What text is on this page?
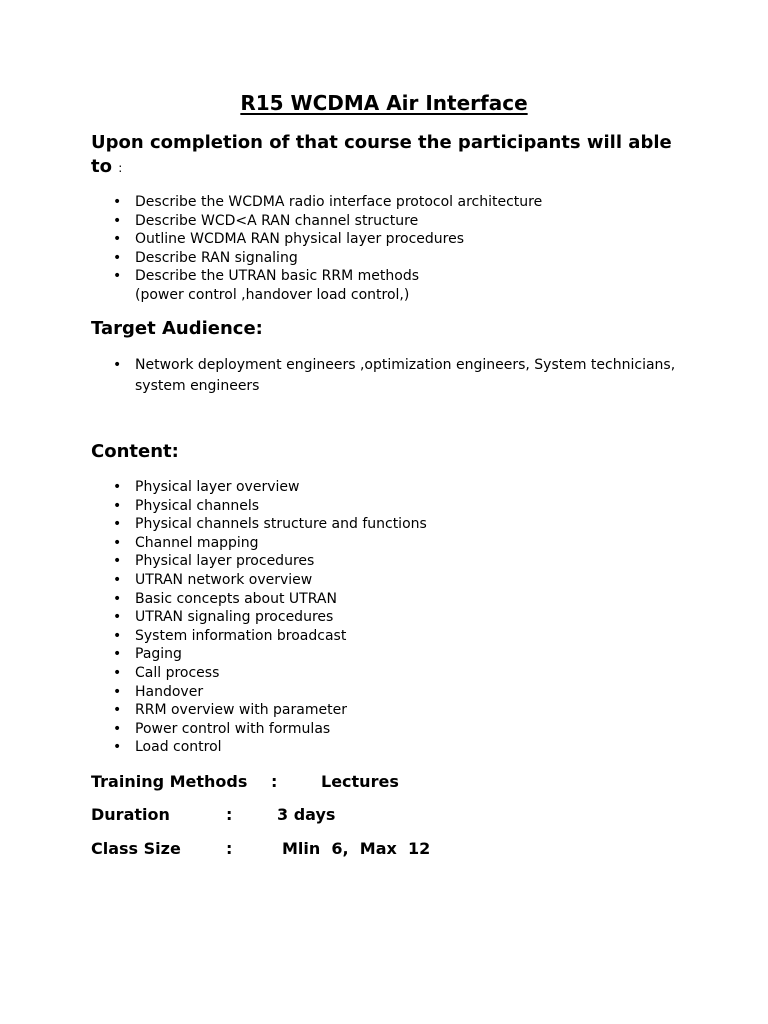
R15 WCDMA Air Interface

Upon completion of that course the participants will able to :

• Describe the WCDMA radio interface protocol architecture
• Describe WCD<A RAN channel structure
• Outline WCDMA RAN physical layer procedures
• Describe RAN signaling
• Describe the UTRAN basic RRM methods
(power control ,handover load control,)
Target Audience:
• Network deployment engineers ,optimization engineers, System technicians, system engineers
Content:
• Physical layer overview
• Physical channels
• Physical channels structure and functions
• Channel mapping
• Physical layer procedures
• UTRAN network overview
• Basic concepts about UTRAN
• UTRAN signaling procedures
• System information broadcast
• Paging
• Call process
• Handover
• RRM overview with parameter
• Power control with formulas
• Load control
Training Methods :	Lectures
Duration	:	3 days
Class Size	:	Mlin  6,  Max  12
